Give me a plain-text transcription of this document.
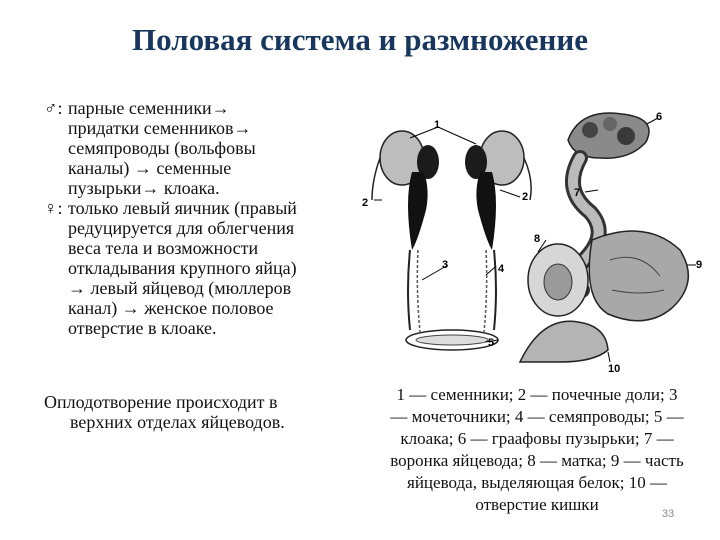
Половая система и размножение
♂: парные семенники→
придатки семенников→
семяпроводы (вольфовы
каналы) → семенные
пузырьки→ клоака.
♀: только левый яичник (правый
редуцируется для облегчения
веса тела и возможности
откладывания крупного яйца)
→ левый яйцевод (мюллеров
канал) → женское половое
отверстие в клоаке.
Оплодотворение происходит в
верхних отделах яйцеводов.
1
2
3	4
5
6
7
8
9
10
2
1 — семенники; 2 — почечные доли; 3
— мочеточники; 4 — семяпроводы; 5 —
клоака; 6 — граафовы пузырьки; 7 —
воронка яйцевода; 8 — матка; 9 — часть
яйцевода, выделяющая белок; 10 —
отверстие кишки	33
